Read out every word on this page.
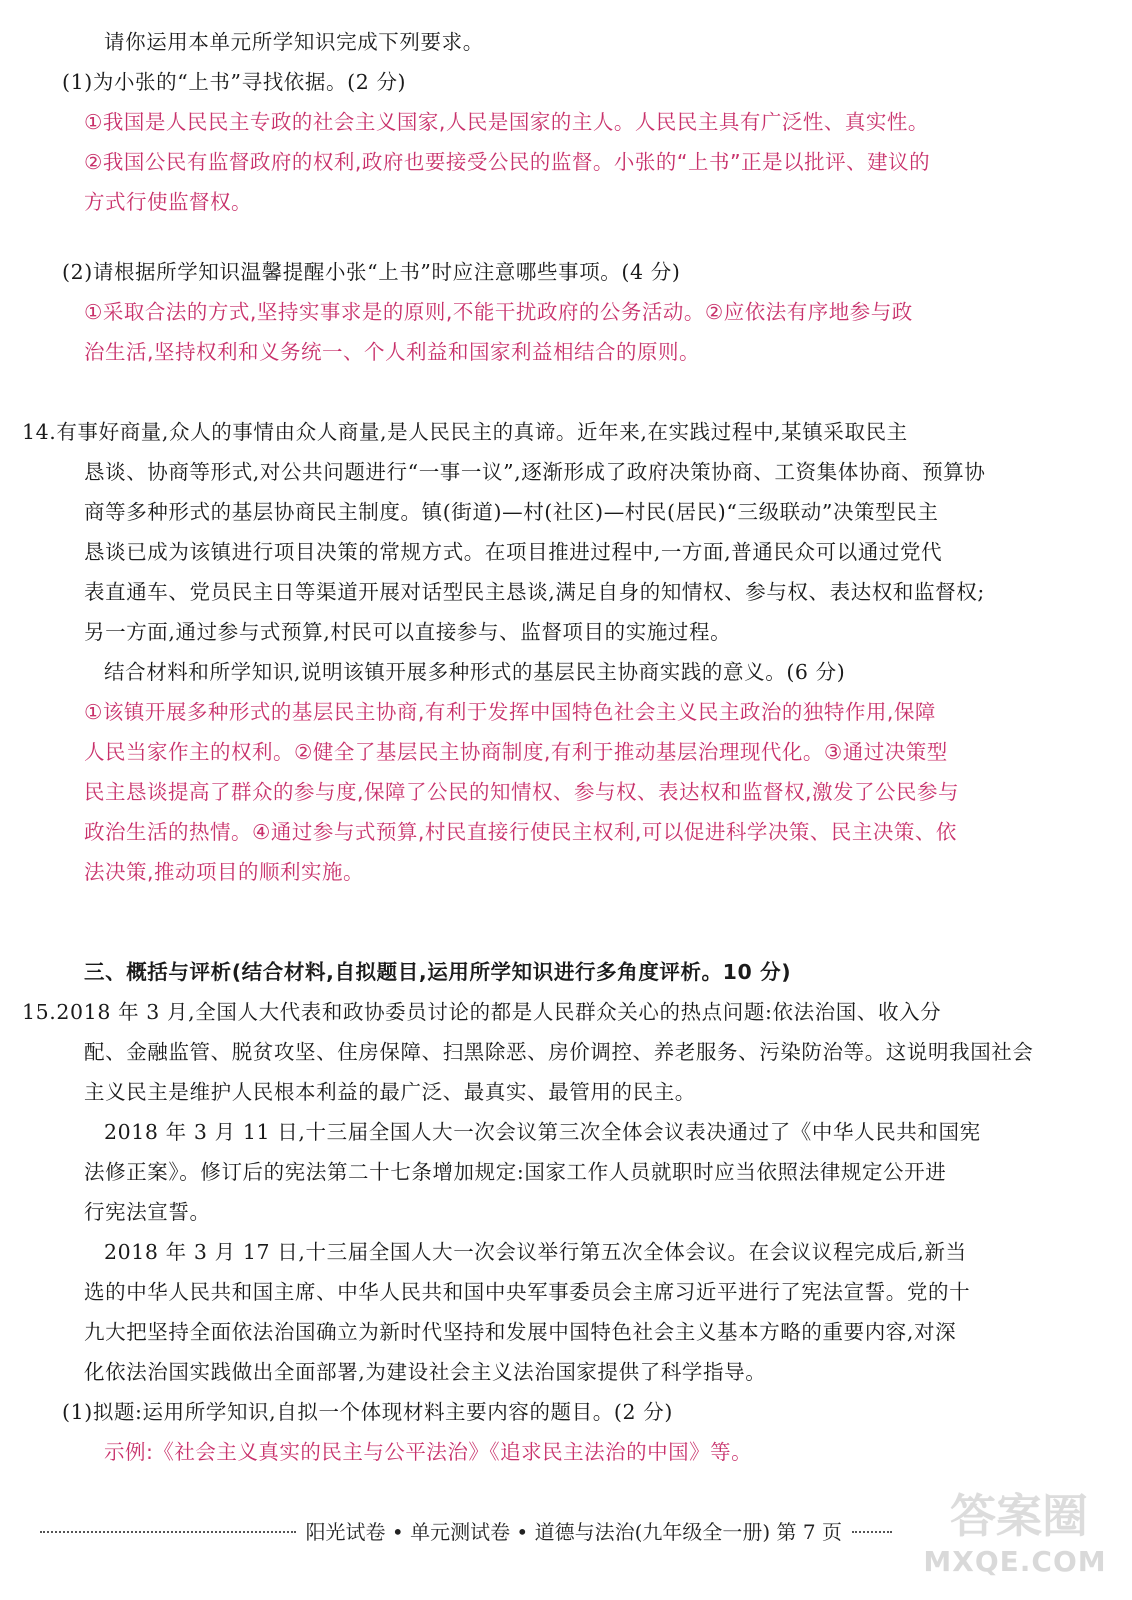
请你运用本单元所学知识完成下列要求。

(1)为小张的“上书”寻找依据。(2 分)

①我国是人民民主专政的社会主义国家,人民是国家的主人。人民民主具有广泛性、真实性。

②我国公民有监督政府的权利,政府也要接受公民的监督。小张的“上书”正是以批评、建议的

方式行使监督权。

(2)请根据所学知识温馨提醒小张“上书”时应注意哪些事项。(4 分)

①采取合法的方式,坚持实事求是的原则,不能干扰政府的公务活动。②应依法有序地参与政

治生活,坚持权利和义务统一、个人利益和国家利益相结合的原则。

14.有事好商量,众人的事情由众人商量,是人民民主的真谛。近年来,在实践过程中,某镇采取民主

恳谈、协商等形式,对公共问题进行“一事一议”,逐渐形成了政府决策协商、工资集体协商、预算协

商等多种形式的基层协商民主制度。镇(街道)—村(社区)—村民(居民)“三级联动”决策型民主

恳谈已成为该镇进行项目决策的常规方式。在项目推进过程中,一方面,普通民众可以通过党代

表直通车、党员民主日等渠道开展对话型民主恳谈,满足自身的知情权、参与权、表达权和监督权;

另一方面,通过参与式预算,村民可以直接参与、监督项目的实施过程。

结合材料和所学知识,说明该镇开展多种形式的基层民主协商实践的意义。(6 分)

①该镇开展多种形式的基层民主协商,有利于发挥中国特色社会主义民主政治的独特作用,保障

人民当家作主的权利。②健全了基层民主协商制度,有利于推动基层治理现代化。③通过决策型

民主恳谈提高了群众的参与度,保障了公民的知情权、参与权、表达权和监督权,激发了公民参与

政治生活的热情。④通过参与式预算,村民直接行使民主权利,可以促进科学决策、民主决策、依

法决策,推动项目的顺利实施。

三、概括与评析(结合材料,自拟题目,运用所学知识进行多角度评析。10 分)

15.2018 年 3 月,全国人大代表和政协委员讨论的都是人民群众关心的热点问题:依法治国、收入分

配、金融监管、脱贫攻坚、住房保障、扫黑除恶、房价调控、养老服务、污染防治等。这说明我国社会

主义民主是维护人民根本利益的最广泛、最真实、最管用的民主。

2018 年 3 月 11 日,十三届全国人大一次会议第三次全体会议表决通过了《中华人民共和国宪

法修正案》。修订后的宪法第二十七条增加规定:国家工作人员就职时应当依照法律规定公开进

行宪法宣誓。

2018 年 3 月 17 日,十三届全国人大一次会议举行第五次全体会议。在会议议程完成后,新当

选的中华人民共和国主席、中华人民共和国中央军事委员会主席习近平进行了宪法宣誓。党的十

九大把坚持全面依法治国确立为新时代坚持和发展中国特色社会主义基本方略的重要内容,对深

化依法治国实践做出全面部署,为建设社会主义法治国家提供了科学指导。

(1)拟题:运用所学知识,自拟一个体现材料主要内容的题目。(2 分)

示例:《社会主义真实的民主与公平法治》《追求民主法治的中国》等。

阳光试卷 • 单元测试卷 • 道德与法治(九年级全一册) 第 7 页 答案圈
MXQE.COM
